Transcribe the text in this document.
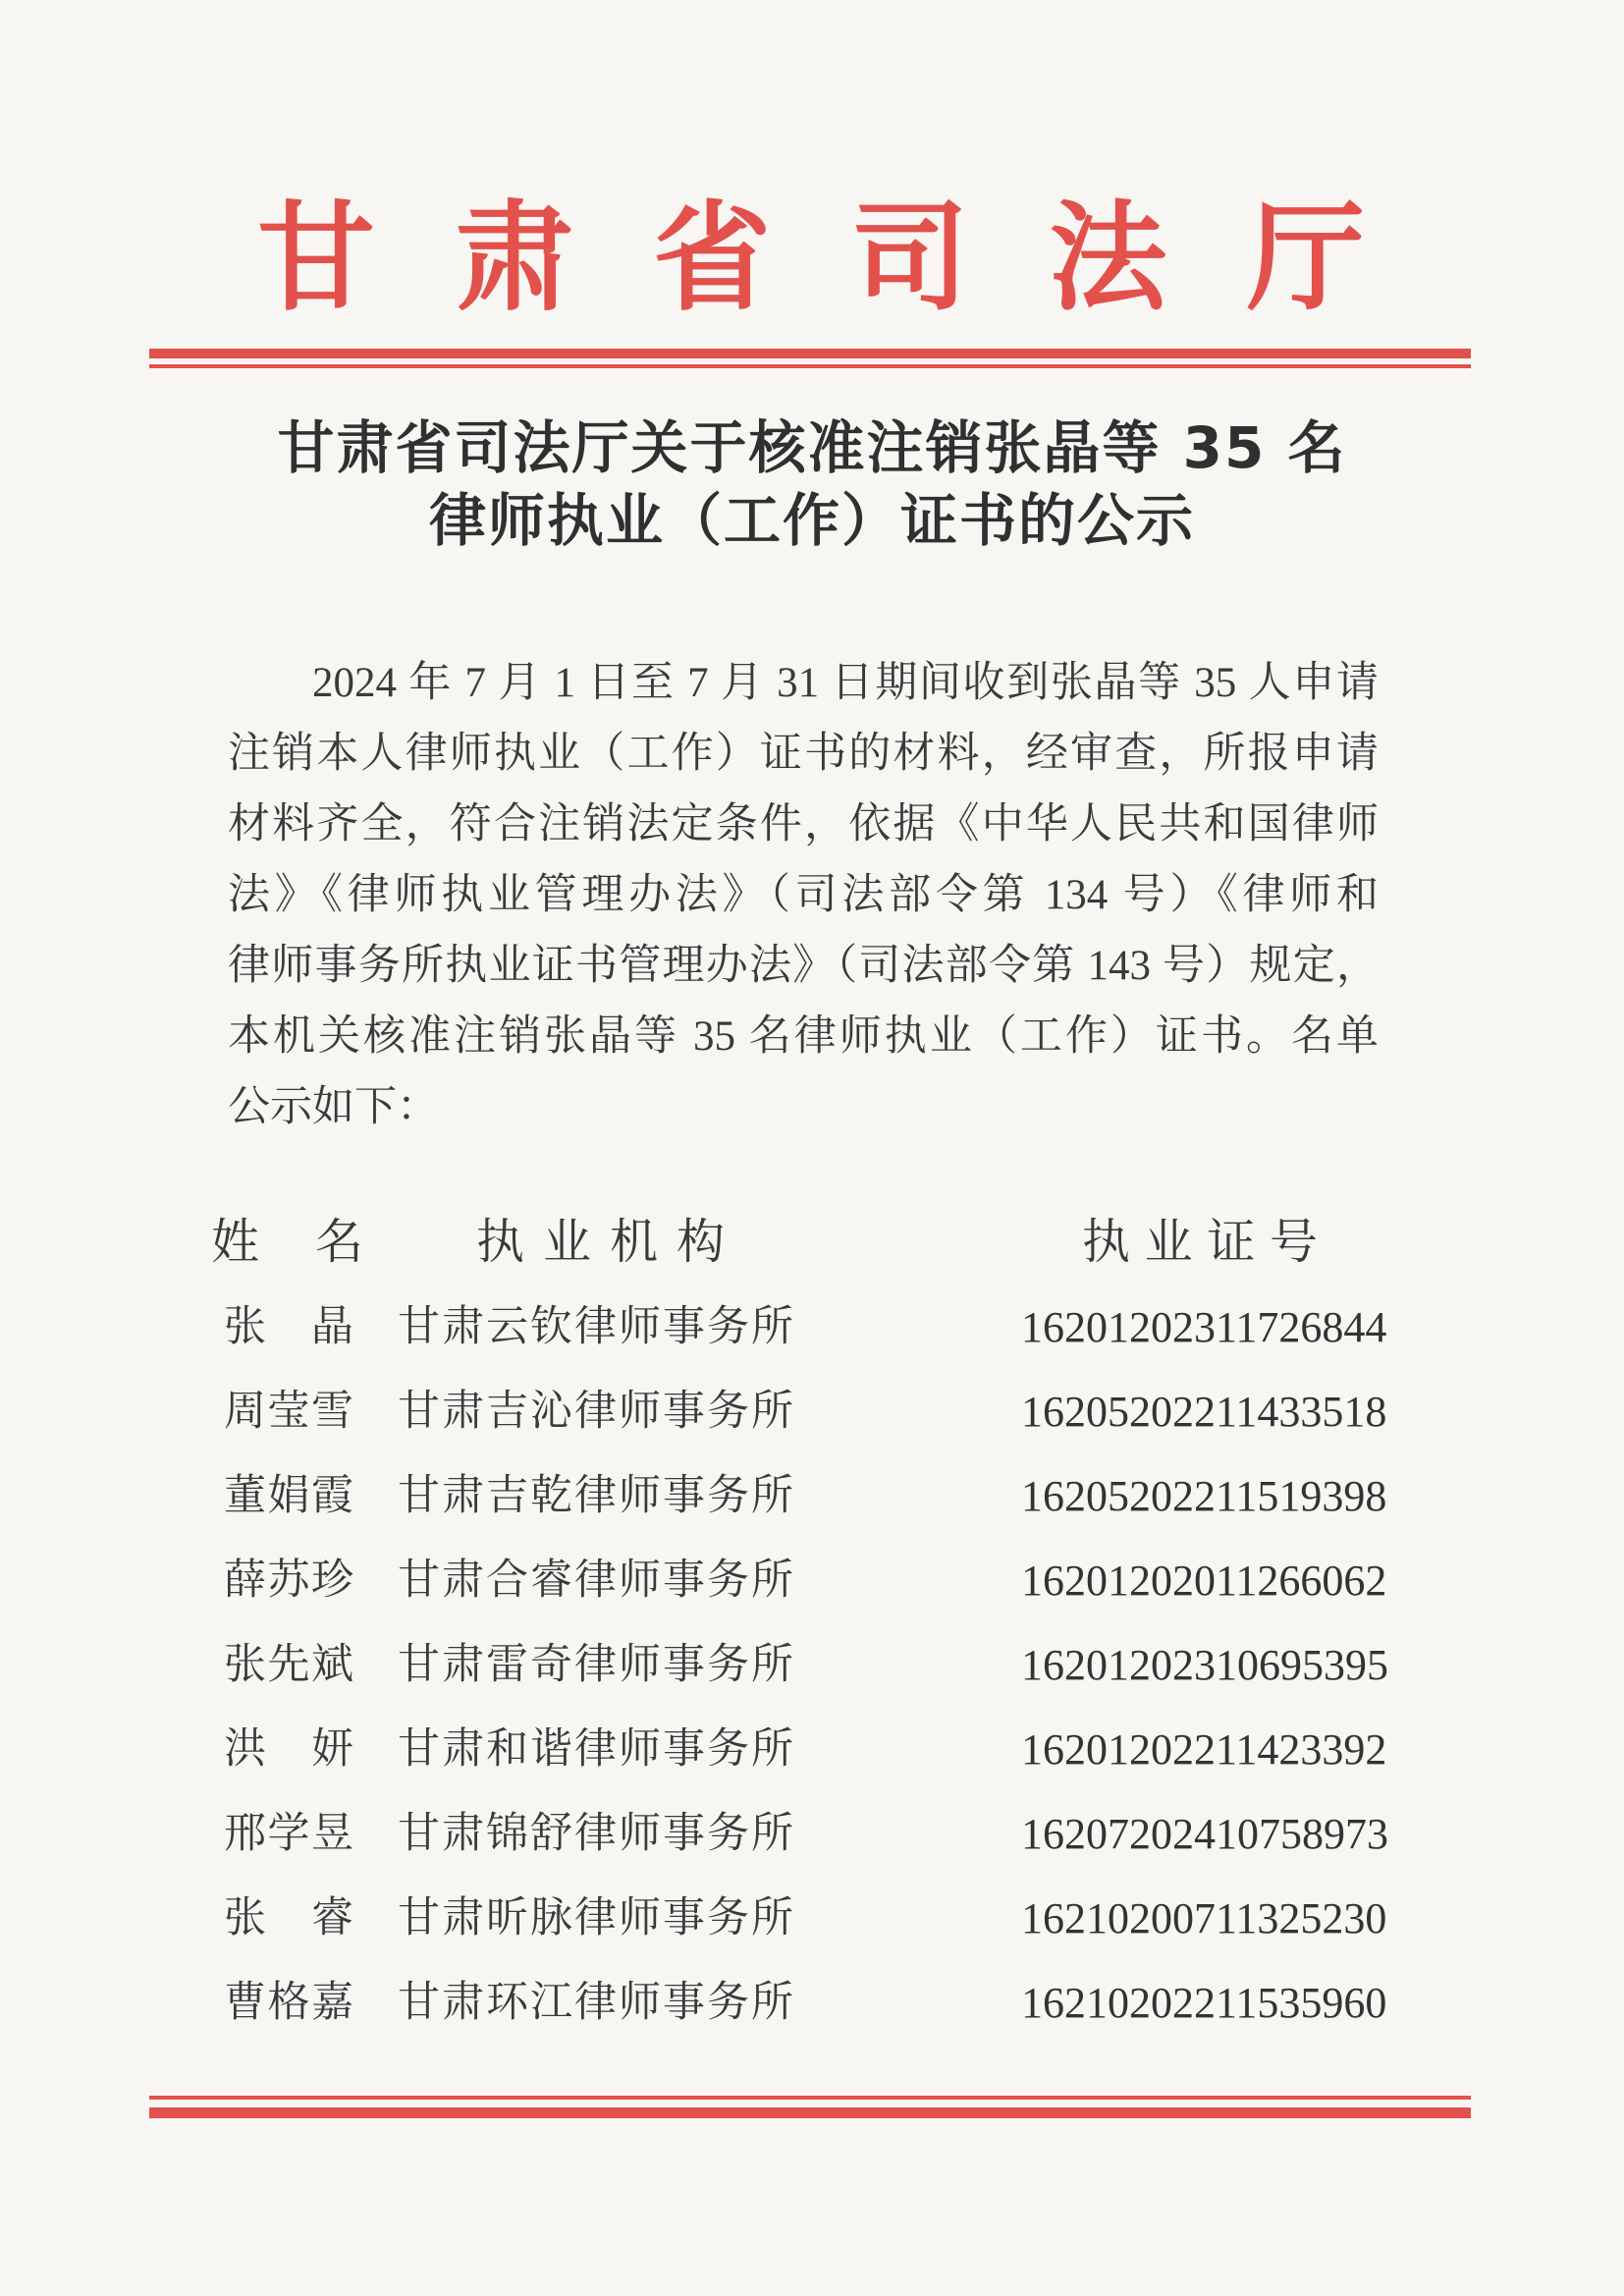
甘 肃 省 司 法 厅
甘肃省司法厅关于核准注销张晶等 35 名
律师执业（工作）证书的公示
2024 年 7 月 1 日至 7 月 31 日期间收到张晶等 35 人申请
注销本人律师执业（工作）证书的材料，经审查，所报申请
材料齐全，符合注销法定条件，依据《中华人民共和国律师
法》《律师执业管理办法》（司法部令第 134 号）《律师和
律师事务所执业证书管理办法》（司法部令第 143 号）规定，
本机关核准注销张晶等 35 名律师执业（工作）证书。名单
公示如下：
姓 名 执 业 机 构	执 业 证 号
张 晶 甘肃云钦律师事务所	16201202311726844
周莹雪 甘肃吉沁律师事务所	16205202211433518
董娟霞 甘肃吉乾律师事务所	16205202211519398
薛苏珍 甘肃合睿律师事务所	16201202011266062
张先斌 甘肃雷奇律师事务所	16201202310695395
洪 妍 甘肃和谐律师事务所	16201202211423392
邢学昱 甘肃锦舒律师事务所	16207202410758973
张 睿 甘肃昕脉律师事务所	16210200711325230
曹格嘉 甘肃环江律师事务所	16210202211535960
